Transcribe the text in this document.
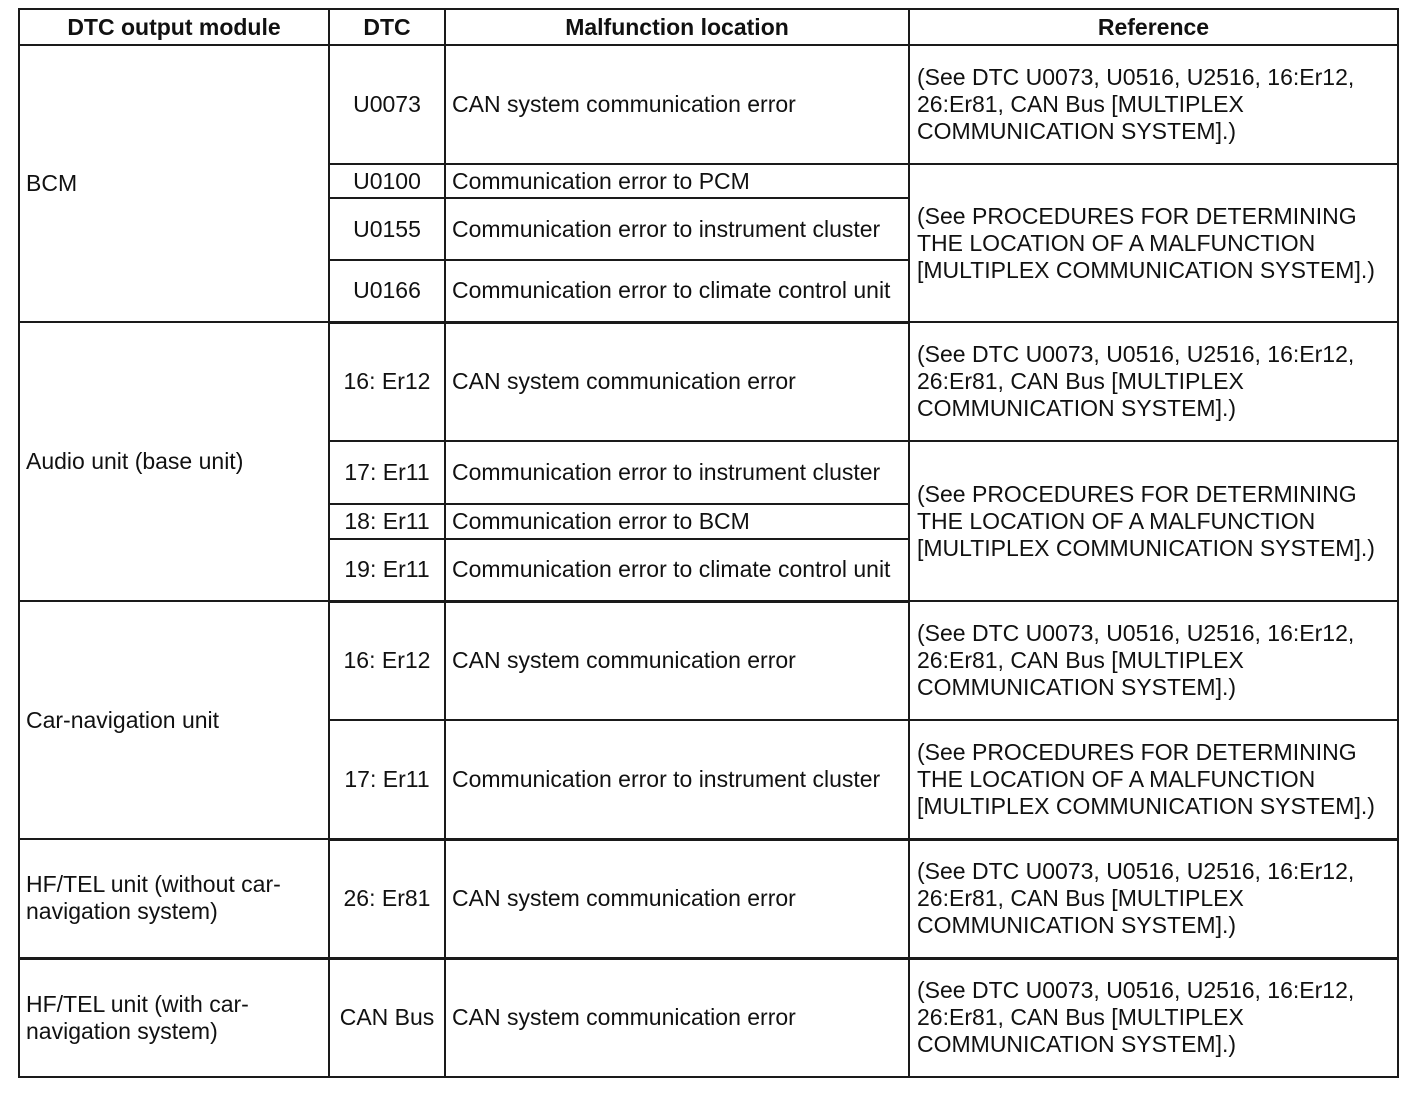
DTC output module	DTC	Malfunction location	Reference
BCM	U0073	CAN system communication error	(See DTC U0073, U0516, U2516, 16:Er12, 26:Er81, CAN Bus [MULTIPLEX COMMUNICATION SYSTEM].)
	U0100	Communication error to PCM	(See PROCEDURES FOR DETERMINING THE LOCATION OF A MALFUNCTION [MULTIPLEX COMMUNICATION SYSTEM].)
	U0155	Communication error to instrument cluster	
	U0166	Communication error to climate control unit	
Audio unit (base unit)	16: Er12	CAN system communication error	(See DTC U0073, U0516, U2516, 16:Er12, 26:Er81, CAN Bus [MULTIPLEX COMMUNICATION SYSTEM].)
	17: Er11	Communication error to instrument cluster	(See PROCEDURES FOR DETERMINING THE LOCATION OF A MALFUNCTION [MULTIPLEX COMMUNICATION SYSTEM].)
	18: Er11	Communication error to BCM	
	19: Er11	Communication error to climate control unit	
Car-navigation unit	16: Er12	CAN system communication error	(See DTC U0073, U0516, U2516, 16:Er12, 26:Er81, CAN Bus [MULTIPLEX COMMUNICATION SYSTEM].)
	17: Er11	Communication error to instrument cluster	(See PROCEDURES FOR DETERMINING THE LOCATION OF A MALFUNCTION [MULTIPLEX COMMUNICATION SYSTEM].)
HF/TEL unit (without car-navigation system)	26: Er81	CAN system communication error	(See DTC U0073, U0516, U2516, 16:Er12, 26:Er81, CAN Bus [MULTIPLEX COMMUNICATION SYSTEM].)
HF/TEL unit (with car-navigation system)	CAN Bus	CAN system communication error	(See DTC U0073, U0516, U2516, 16:Er12, 26:Er81, CAN Bus [MULTIPLEX COMMUNICATION SYSTEM].)
